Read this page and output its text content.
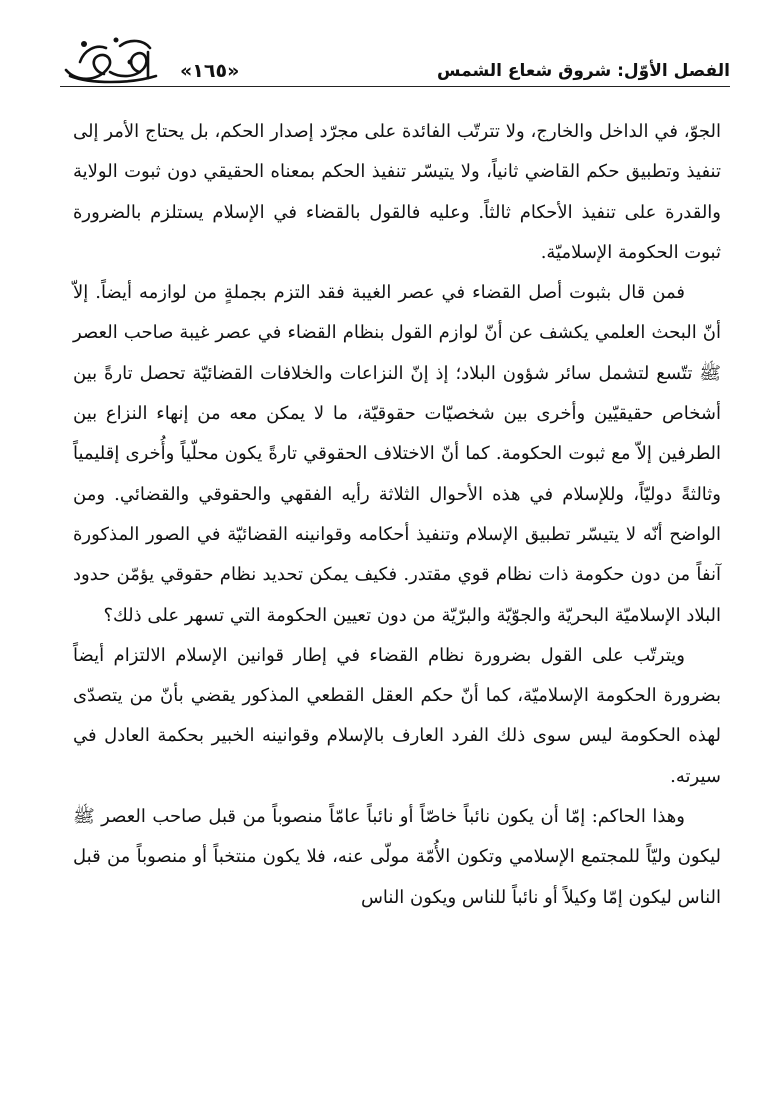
«١٦٥»	الفصل الأوّل: شروق شعاع الشمس

الجوّ، في الداخل والخارج، ولا تترتّب الفائدة على مجرّد إصدار الحكم، بل يحتاج الأمر إلى تنفيذ وتطبيق حكم القاضي ثانياً، ولا يتيسّر تنفيذ الحكم بمعناه الحقيقي دون ثبوت الولاية والقدرة على تنفيذ الأحكام ثالثاً. وعليه فالقول بالقضاء في الإسلام يستلزم بالضرورة ثبوت الحكومة الإسلاميّة.

فمن قال بثبوت أصل القضاء في عصر الغيبة فقد التزم بجملةٍ من لوازمه أيضاً. إلاّ أنّ البحث العلمي يكشف عن أنّ لوازم القول بنظام القضاء في عصر غيبة صاحب العصر ﷺ تتّسع لتشمل سائر شؤون البلاد؛ إذ إنّ النزاعات والخلافات القضائيّة تحصل تارةً بين أشخاص حقيقيّين وأخرى بين شخصيّات حقوقيّة، ما لا يمكن معه من إنهاء النزاع بين الطرفين إلاّ مع ثبوت الحكومة. كما أنّ الاختلاف الحقوقي تارةً يكون محلّياً وأُخرى إقليمياً وثالثةً دوليّاً، وللإسلام في هذه الأحوال الثلاثة رأيه الفقهي والحقوقي والقضائي. ومن الواضح أنّه لا يتيسّر تطبيق الإسلام وتنفيذ أحكامه وقوانينه القضائيّة في الصور المذكورة آنفاً من دون حكومة ذات نظام قوي مقتدر. فكيف يمكن تحديد نظام حقوقي يؤمّن حدود البلاد الإسلاميّة البحريّة والجوّيّة والبرّيّة من دون تعيين الحكومة التي تسهر على ذلك؟

ويترتّب على القول بضرورة نظام القضاء في إطار قوانين الإسلام الالتزام أيضاً بضرورة الحكومة الإسلاميّة، كما أنّ حكم العقل القطعي المذكور يقضي بأنّ من يتصدّى لهذه الحكومة ليس سوى ذلك الفرد العارف بالإسلام وقوانينه الخبير بحكمة العادل في سيرته.

وهذا الحاكم: إمّا أن يكون نائباً خاصّاً أو نائباً عامّاً منصوباً من قبل صاحب العصر ﷺ ليكون وليّاً للمجتمع الإسلامي وتكون الأُمّة مولّى عنه، فلا يكون منتخباً أو منصوباً من قبل الناس ليكون إمّا وكيلاً أو نائباً للناس ويكون الناس
